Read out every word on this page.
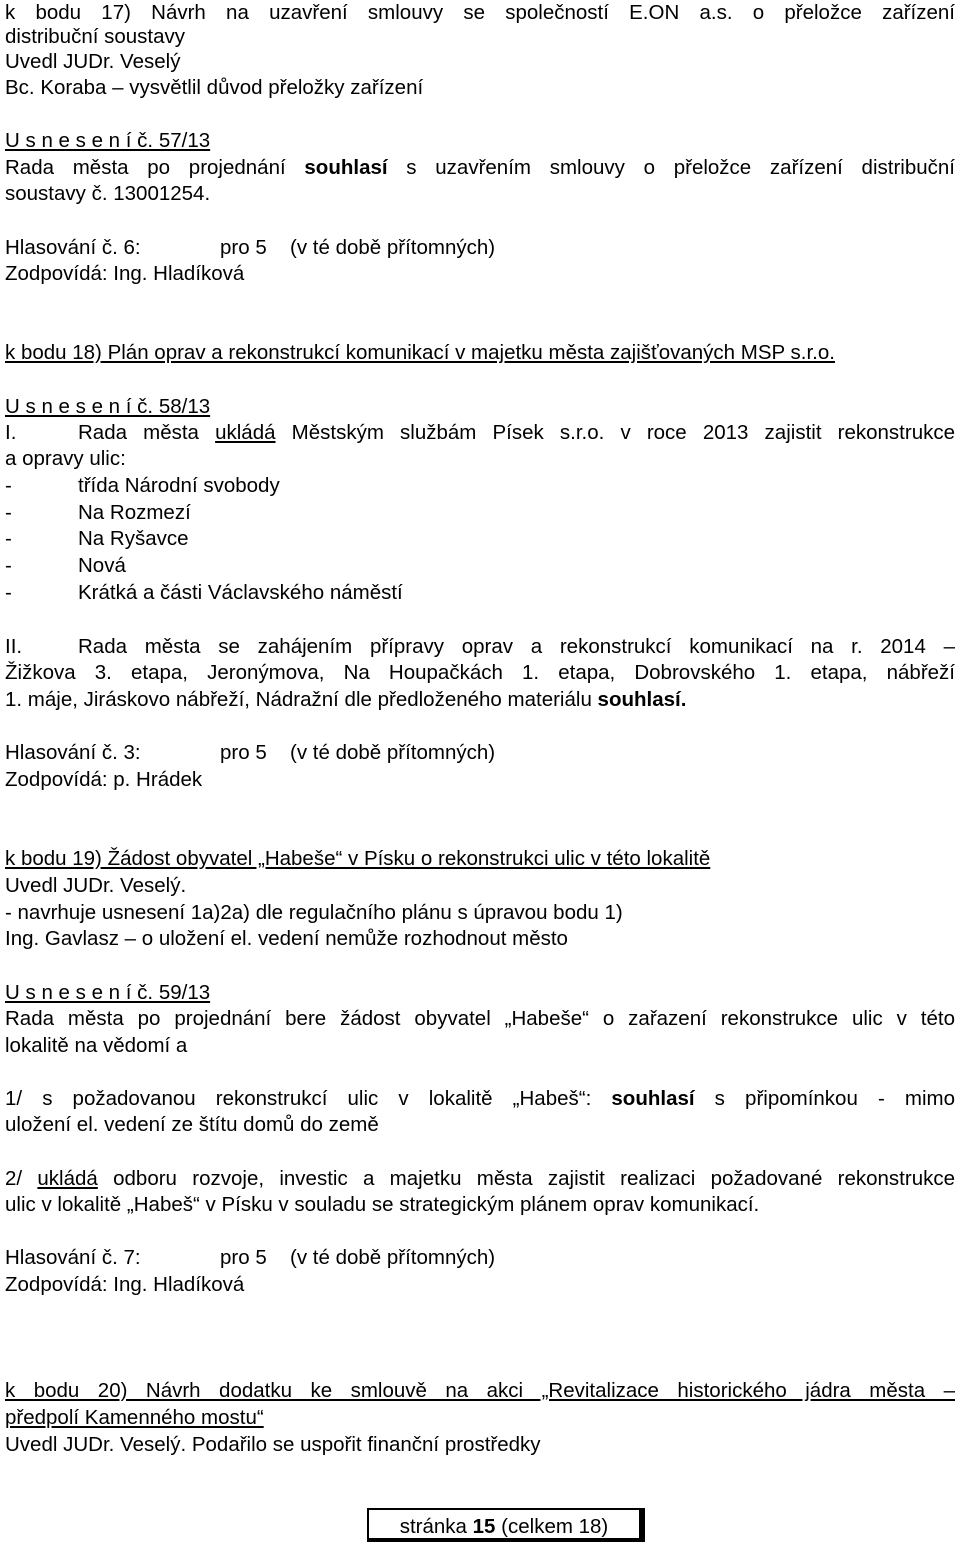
k bodu 17) Návrh na uzavření smlouvy se společností E.ON a.s. o přeložce zařízení
distribuční soustavy
Uvedl JUDr. Veselý
Bc. Koraba – vysvětlil důvod přeložky zařízení
U s n e s e n í č. 57/13
Rada města po projednání souhlasí s uzavřením smlouvy o přeložce zařízení distribuční
soustavy č. 13001254.
Hlasování č. 6:	pro 5 (v té době přítomných)
Zodpovídá: Ing. Hladíková
k bodu 18) Plán oprav a rekonstrukcí komunikací v majetku města zajišťovaných MSP s.r.o.
U s n e s e n í č. 58/13
I.	Rada města ukládá Městským službám Písek s.r.o. v roce 2013 zajistit rekonstrukce
a opravy ulic:
-	třída Národní svobody
-	Na Rozmezí
-	Na Ryšavce
-	Nová
-	Krátká a části Václavského náměstí
II.	Rada města se zahájením přípravy oprav a rekonstrukcí komunikací na r. 2014 –
Žižkova 3. etapa, Jeronýmova, Na Houpačkách 1. etapa, Dobrovského 1. etapa, nábřeží
1. máje, Jiráskovo nábřeží, Nádražní dle předloženého materiálu souhlasí.
Hlasování č. 3:	pro 5 (v té době přítomných)
Zodpovídá: p. Hrádek
k bodu 19) Žádost obyvatel „Habeše“ v Písku o rekonstrukci ulic v této lokalitě
Uvedl JUDr. Veselý.
- navrhuje usnesení 1a)2a) dle regulačního plánu s úpravou bodu 1)
Ing. Gavlasz – o uložení el. vedení nemůže rozhodnout město
U s n e s e n í č. 59/13
Rada města po projednání bere žádost obyvatel „Habeše“ o zařazení rekonstrukce ulic v této
lokalitě na vědomí a
1/ s požadovanou rekonstrukcí ulic v lokalitě „Habeš“: souhlasí s připomínkou - mimo
uložení el. vedení ze štítu domů do země
2/ ukládá odboru rozvoje, investic a majetku města zajistit realizaci požadované rekonstrukce
ulic v lokalitě „Habeš“ v Písku v souladu se strategickým plánem oprav komunikací.
Hlasování č. 7:	pro 5 (v té době přítomných)
Zodpovídá: Ing. Hladíková
k bodu 20) Návrh dodatku ke smlouvě na akci „Revitalizace historického jádra města –
předpolí Kamenného mostu“
Uvedl JUDr. Veselý. Podařilo se uspořit finanční prostředky
stránka 15 (celkem 18)
